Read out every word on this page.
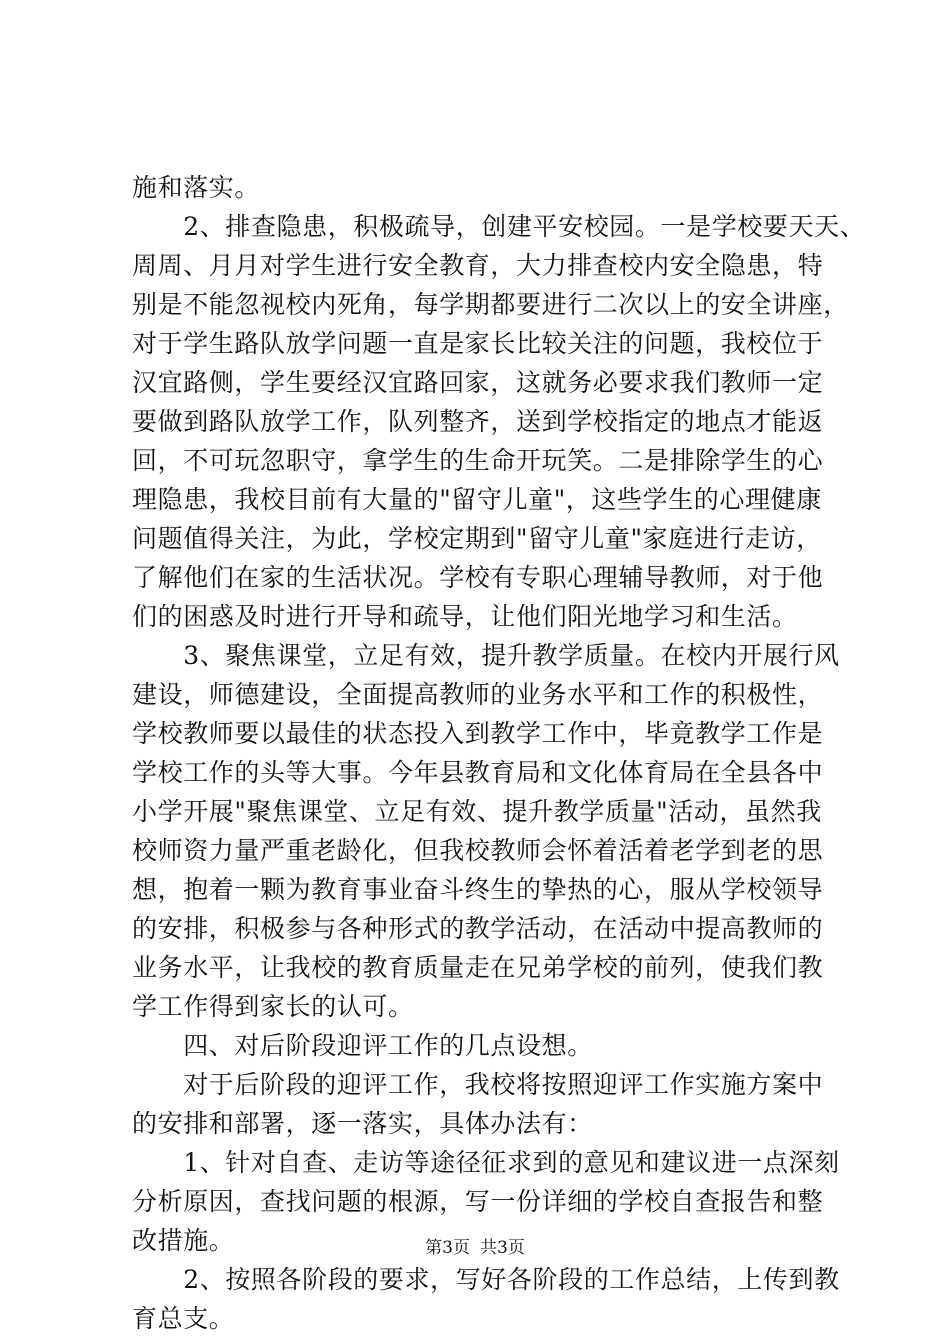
施和落实。
　　2、排查隐患，积极疏导，创建平安校园。一是学校要天天、
周周、月月对学生进行安全教育，大力排查校内安全隐患，特
别是不能忽视校内死角，每学期都要进行二次以上的安全讲座，
对于学生路队放学问题一直是家长比较关注的问题，我校位于
汉宜路侧，学生要经汉宜路回家，这就务必要求我们教师一定
要做到路队放学工作，队列整齐，送到学校指定的地点才能返
回，不可玩忽职守，拿学生的生命开玩笑。二是排除学生的心
理隐患，我校目前有大量的"留守儿童"，这些学生的心理健康
问题值得关注，为此，学校定期到"留守儿童"家庭进行走访，
了解他们在家的生活状况。学校有专职心理辅导教师，对于他
们的困惑及时进行开导和疏导，让他们阳光地学习和生活。
　　3、聚焦课堂，立足有效，提升教学质量。在校内开展行风
建设，师德建设，全面提高教师的业务水平和工作的积极性，
学校教师要以最佳的状态投入到教学工作中，毕竟教学工作是
学校工作的头等大事。今年县教育局和文化体育局在全县各中
小学开展"聚焦课堂、立足有效、提升教学质量"活动，虽然我
校师资力量严重老龄化，但我校教师会怀着活着老学到老的思
想，抱着一颗为教育事业奋斗终生的挚热的心，服从学校领导
的安排，积极参与各种形式的教学活动，在活动中提高教师的
业务水平，让我校的教育质量走在兄弟学校的前列，使我们教
学工作得到家长的认可。
　　四、对后阶段迎评工作的几点设想。
　　对于后阶段的迎评工作，我校将按照迎评工作实施方案中
的安排和部署，逐一落实，具体办法有：
　　1、针对自查、走访等途径征求到的意见和建议进一点深刻
分析原因，查找问题的根源，写一份详细的学校自查报告和整
改措施。
　　2、按照各阶段的要求，写好各阶段的工作总结，上传到教
育总支。
第3页 共3页
